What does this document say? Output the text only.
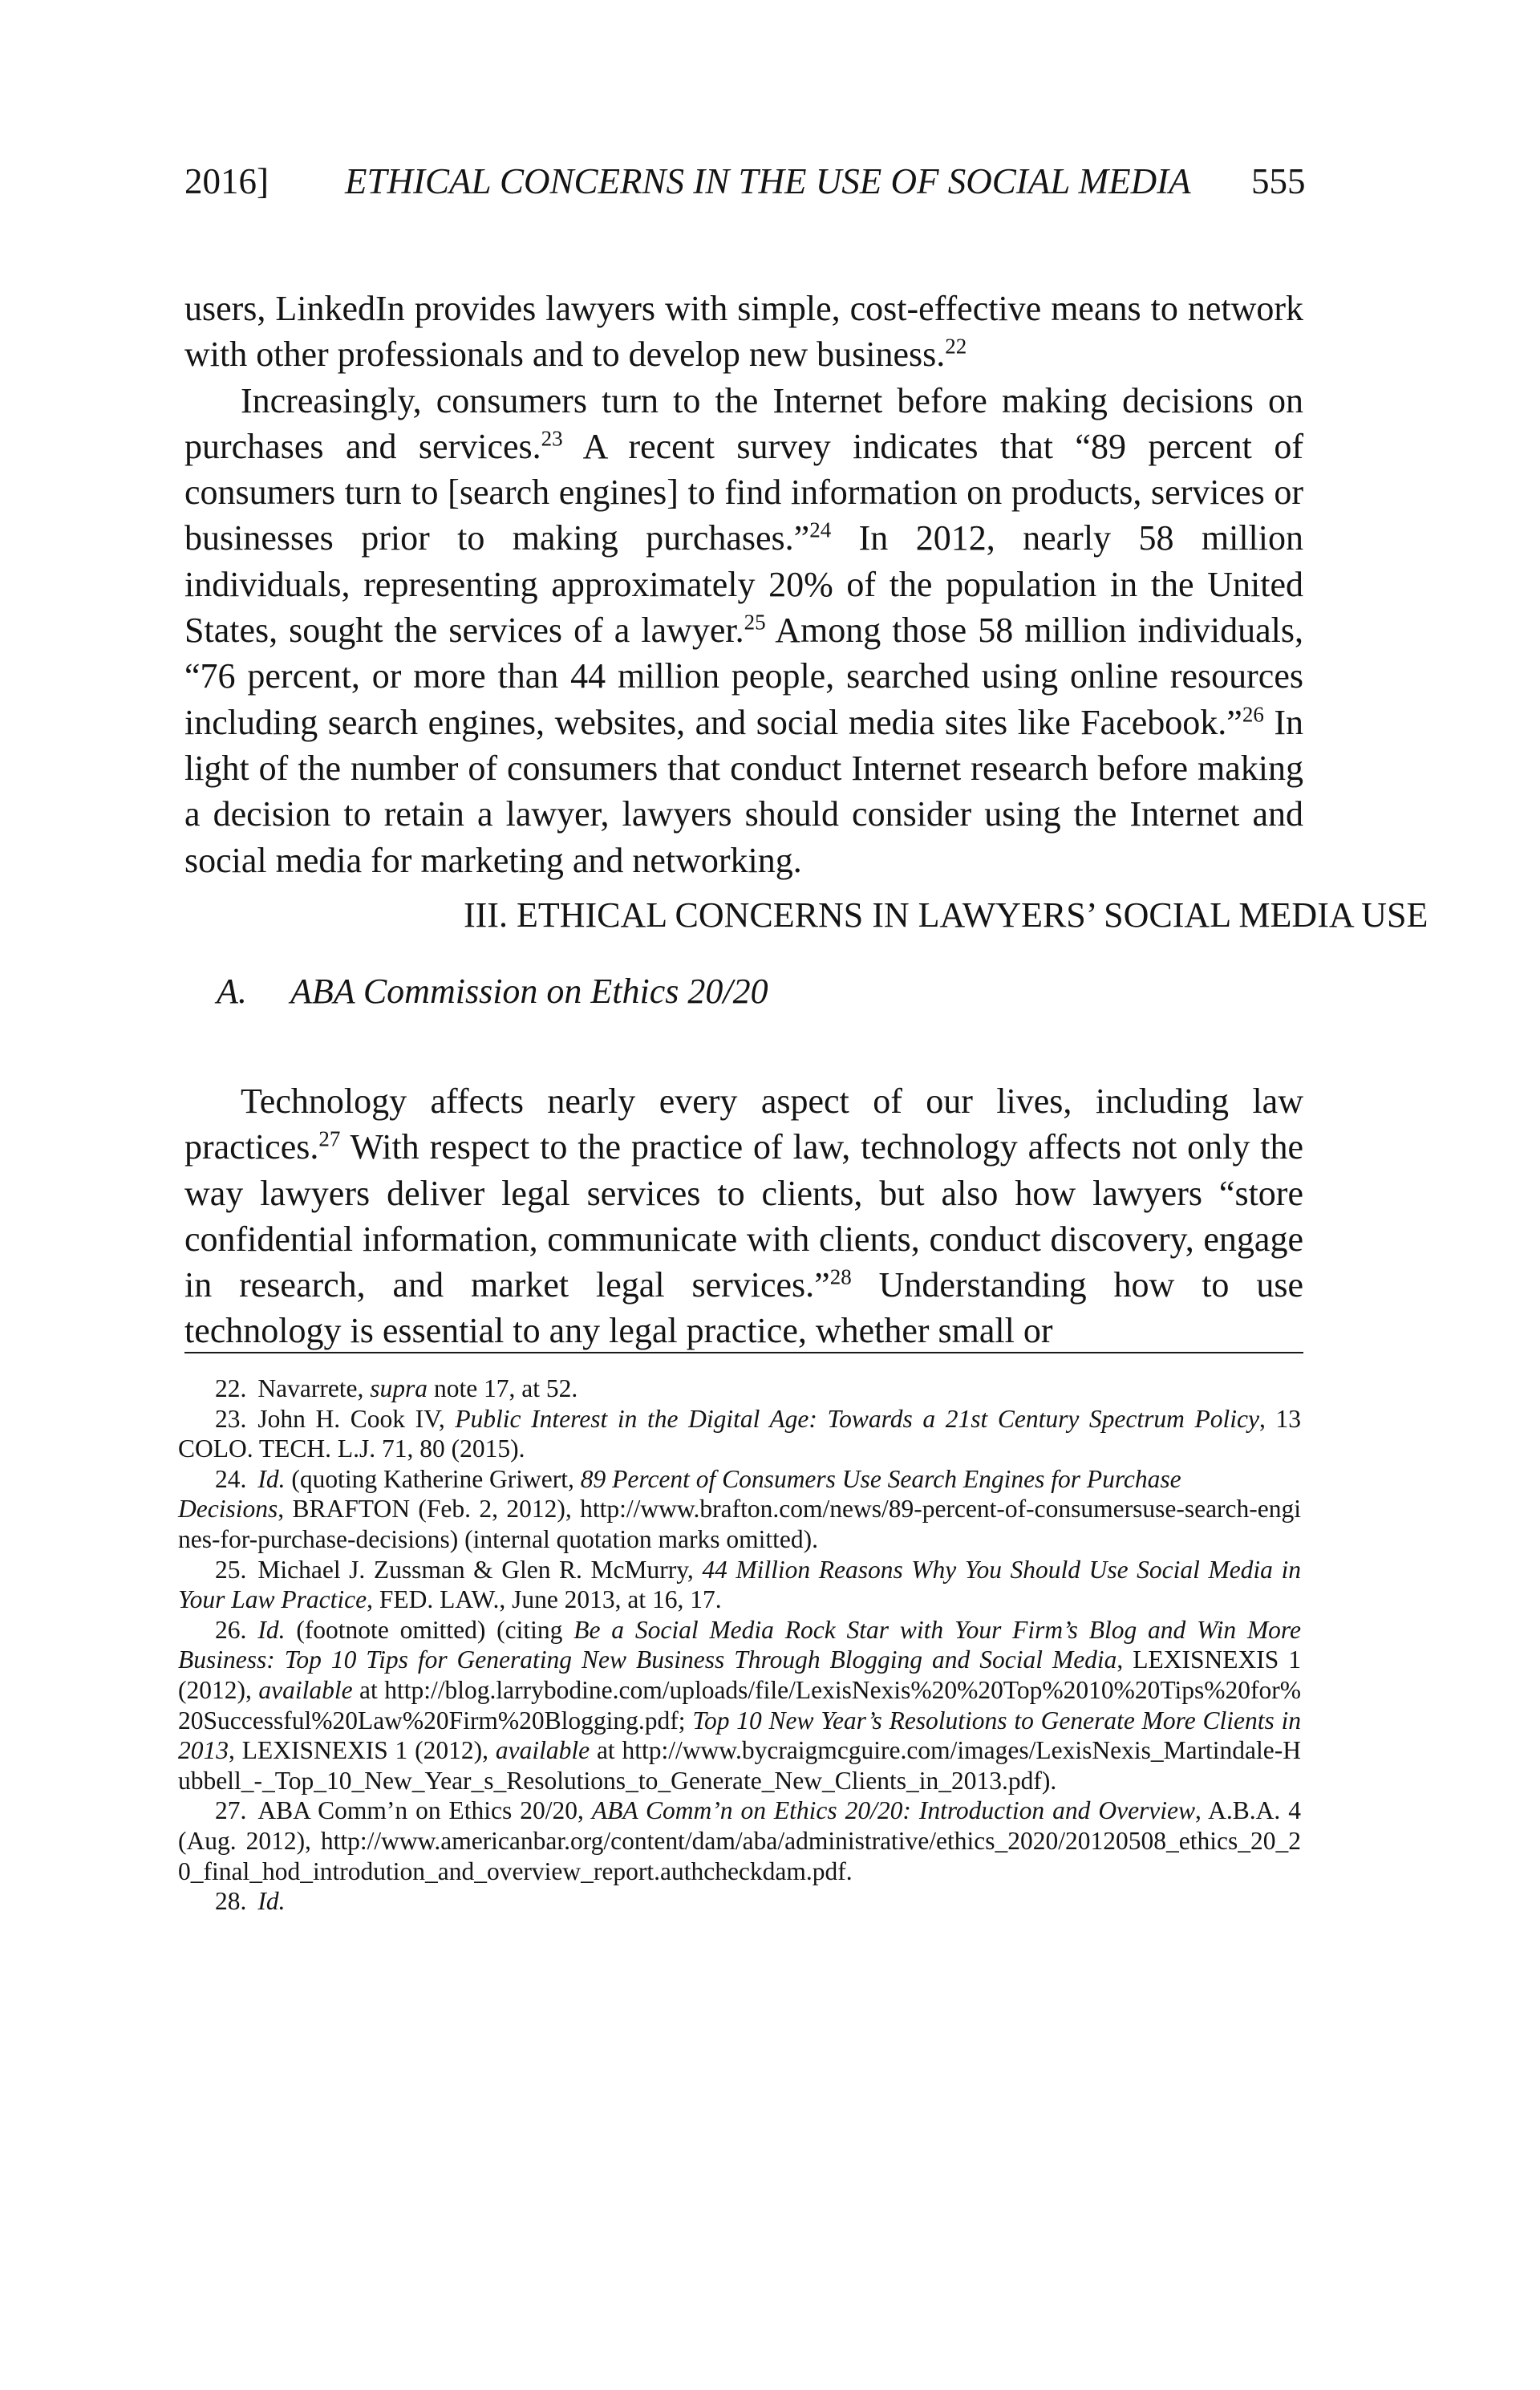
2016] ETHICAL CONCERNS IN THE USE OF SOCIAL MEDIA 555

users, LinkedIn provides lawyers with simple, cost-effective means to network with other professionals and to develop new business.$^{22}$

Increasingly, consumers turn to the Internet before making decisions on purchases and services.$^{23}$ A recent survey indicates that “89 percent of consumers turn to [search engines] to find information on products, services or businesses prior to making purchases.”$^{24}$ In 2012, nearly 58 million individuals, representing approximately 20% of the population in the United States, sought the services of a lawyer.$^{25}$ Among those 58 million individuals, “76 percent, or more than 44 million people, searched using online resources including search engines, websites, and social media sites like Facebook.”$^{26}$ In light of the number of consumers that conduct Internet research before making a decision to retain a lawyer, lawyers should consider using the Internet and social media for marketing and networking.

III. ETHICAL CONCERNS IN LAWYERS’ SOCIAL MEDIA USE
A. ABA Commission on Ethics 20/20

Technology affects nearly every aspect of our lives, including law practices.$^{27}$ With respect to the practice of law, technology affects not only the way lawyers deliver legal services to clients, but also how lawyers “store confidential information, communicate with clients, conduct discovery, engage in research, and market legal services.”$^{28}$ Understanding how to use technology is essential to any legal practice, whether small or

22. Navarrete, supra note 17, at 52.

23. John H. Cook IV, Public Interest in the Digital Age: Towards a 21st Century Spectrum Policy, 13 COLO. TECH. L.J. 71, 80 (2015).

24. Id. (quoting Katherine Griwert, 89 Percent of Consumers Use Search Engines for Purchase

Decisions, BRAFTON (Feb. 2, 2012), http://www.brafton.com/news/89-percent-of-consumersuse-search-engines-for-purchase-decisions) (internal quotation marks omitted).

25. Michael J. Zussman & Glen R. McMurry, 44 Million Reasons Why You Should Use Social Media in Your Law Practice, FED. LAW., June 2013, at 16, 17.

26. Id. (footnote omitted) (citing Be a Social Media Rock Star with Your Firm’s Blog and Win More Business: Top 10 Tips for Generating New Business Through Blogging and Social Media, LEXISNEXIS 1 (2012), available at http://blog.larrybodine.com/uploads/file/LexisNexis%20%20Top%2010%20Tips%20for%20Successful%20Law%20Firm%20Blogging.pdf; Top 10 New Year’s Resolutions to Generate More Clients in 2013, LEXISNEXIS 1 (2012), available at http://www.bycraigmcguire.com/images/LexisNexis_Martindale-Hubbell_-_Top_10_New_Year_s_Resolutions_to_Generate_New_Clients_in_2013.pdf).

27. ABA Comm’n on Ethics 20/20, ABA Comm’n on Ethics 20/20: Introduction and Overview, A.B.A. 4 (Aug. 2012), http://www.americanbar.org/content/dam/aba/administrative/ethics_2020/20120508_ethics_20_20_final_hod_introdution_and_overview_report.authcheckdam.pdf.

28. Id.
